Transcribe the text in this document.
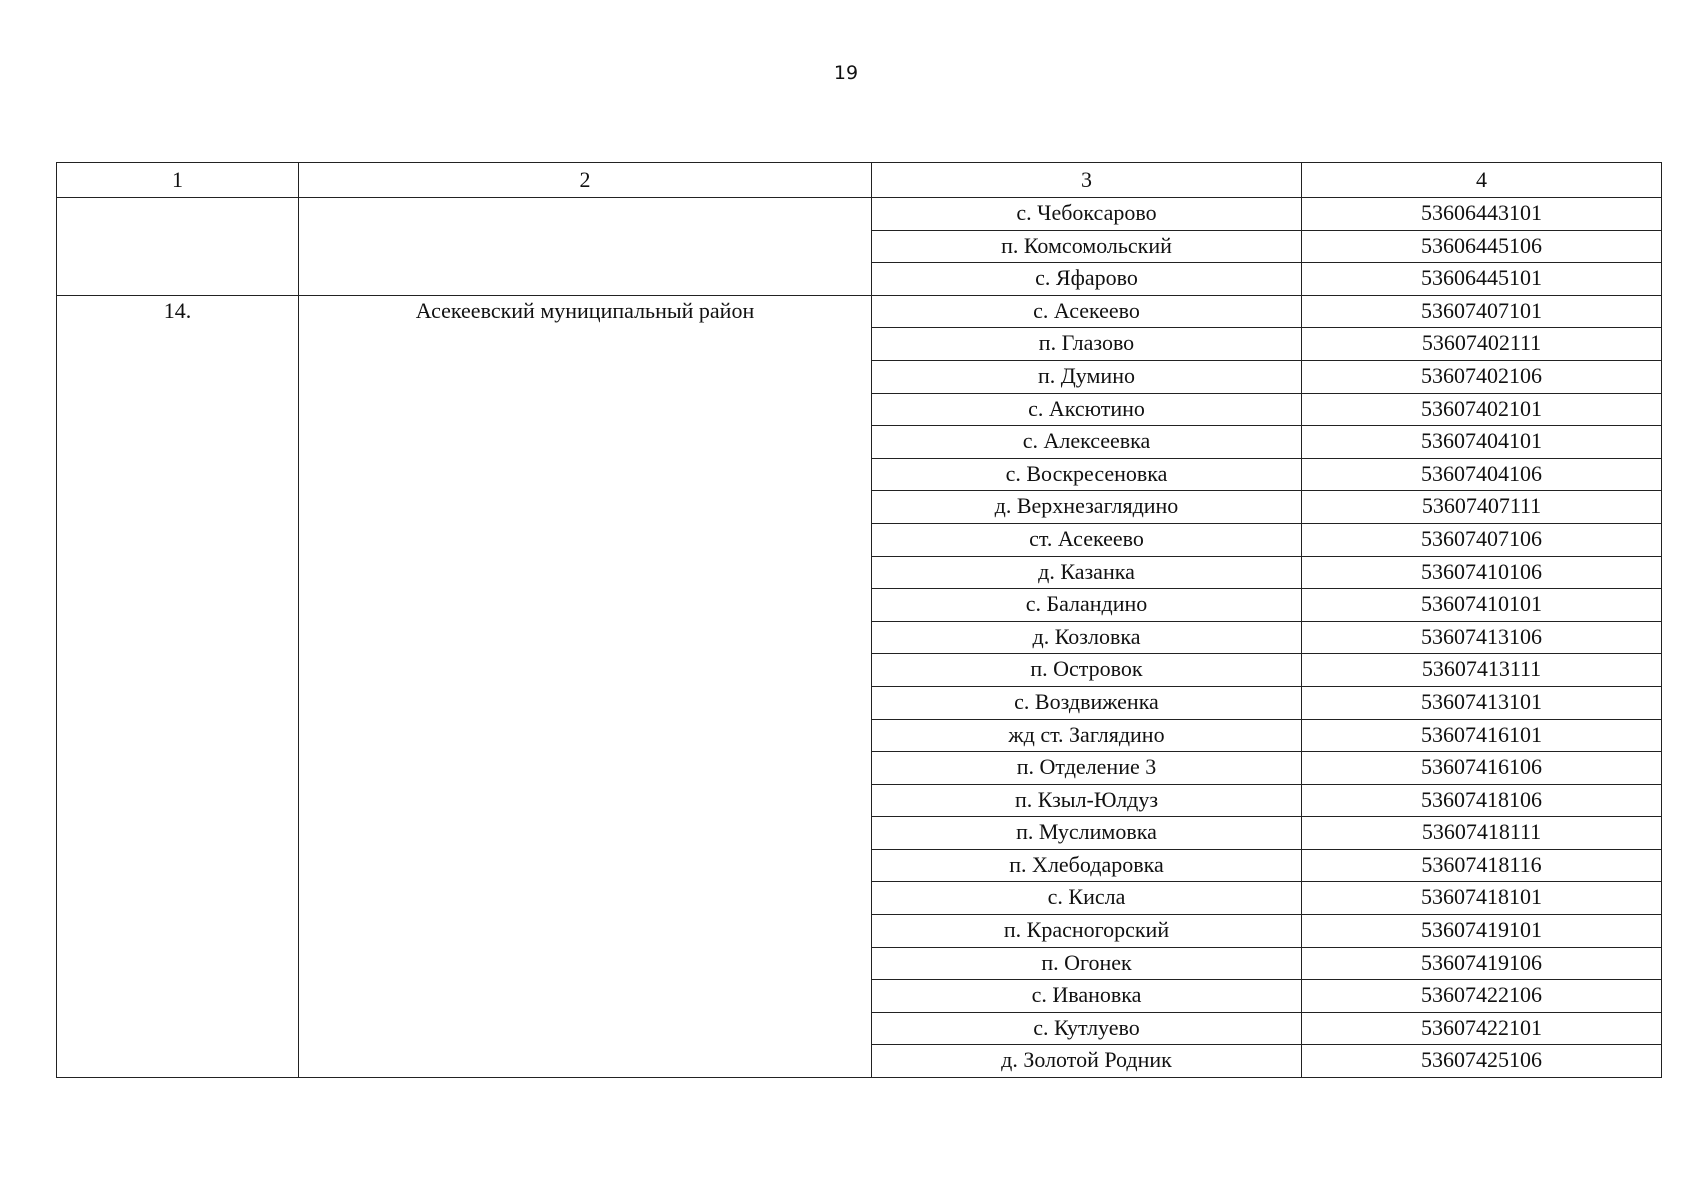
19
1	2	3	4
		с. Чебоксарово	53606443101
		п. Комсомольский	53606445106
		с. Яфарово	53606445101
14.	Асекеевский муниципальный район	с. Асекеево	53607407101
		п. Глазово	53607402111
		п. Думино	53607402106
		с. Аксютино	53607402101
		с. Алексеевка	53607404101
		с. Воскресеновка	53607404106
		д. Верхнезаглядино	53607407111
		ст. Асекеево	53607407106
		д. Казанка	53607410106
		с. Баландино	53607410101
		д. Козловка	53607413106
		п. Островок	53607413111
		с. Воздвиженка	53607413101
		жд ст. Заглядино	53607416101
		п. Отделение 3	53607416106
		п. Кзыл-Юлдуз	53607418106
		п. Муслимовка	53607418111
		п. Хлебодаровка	53607418116
		с. Кисла	53607418101
		п. Красногорский	53607419101
		п. Огонек	53607419106
		с. Ивановка	53607422106
		с. Кутлуево	53607422101
		д. Золотой Родник	53607425106
